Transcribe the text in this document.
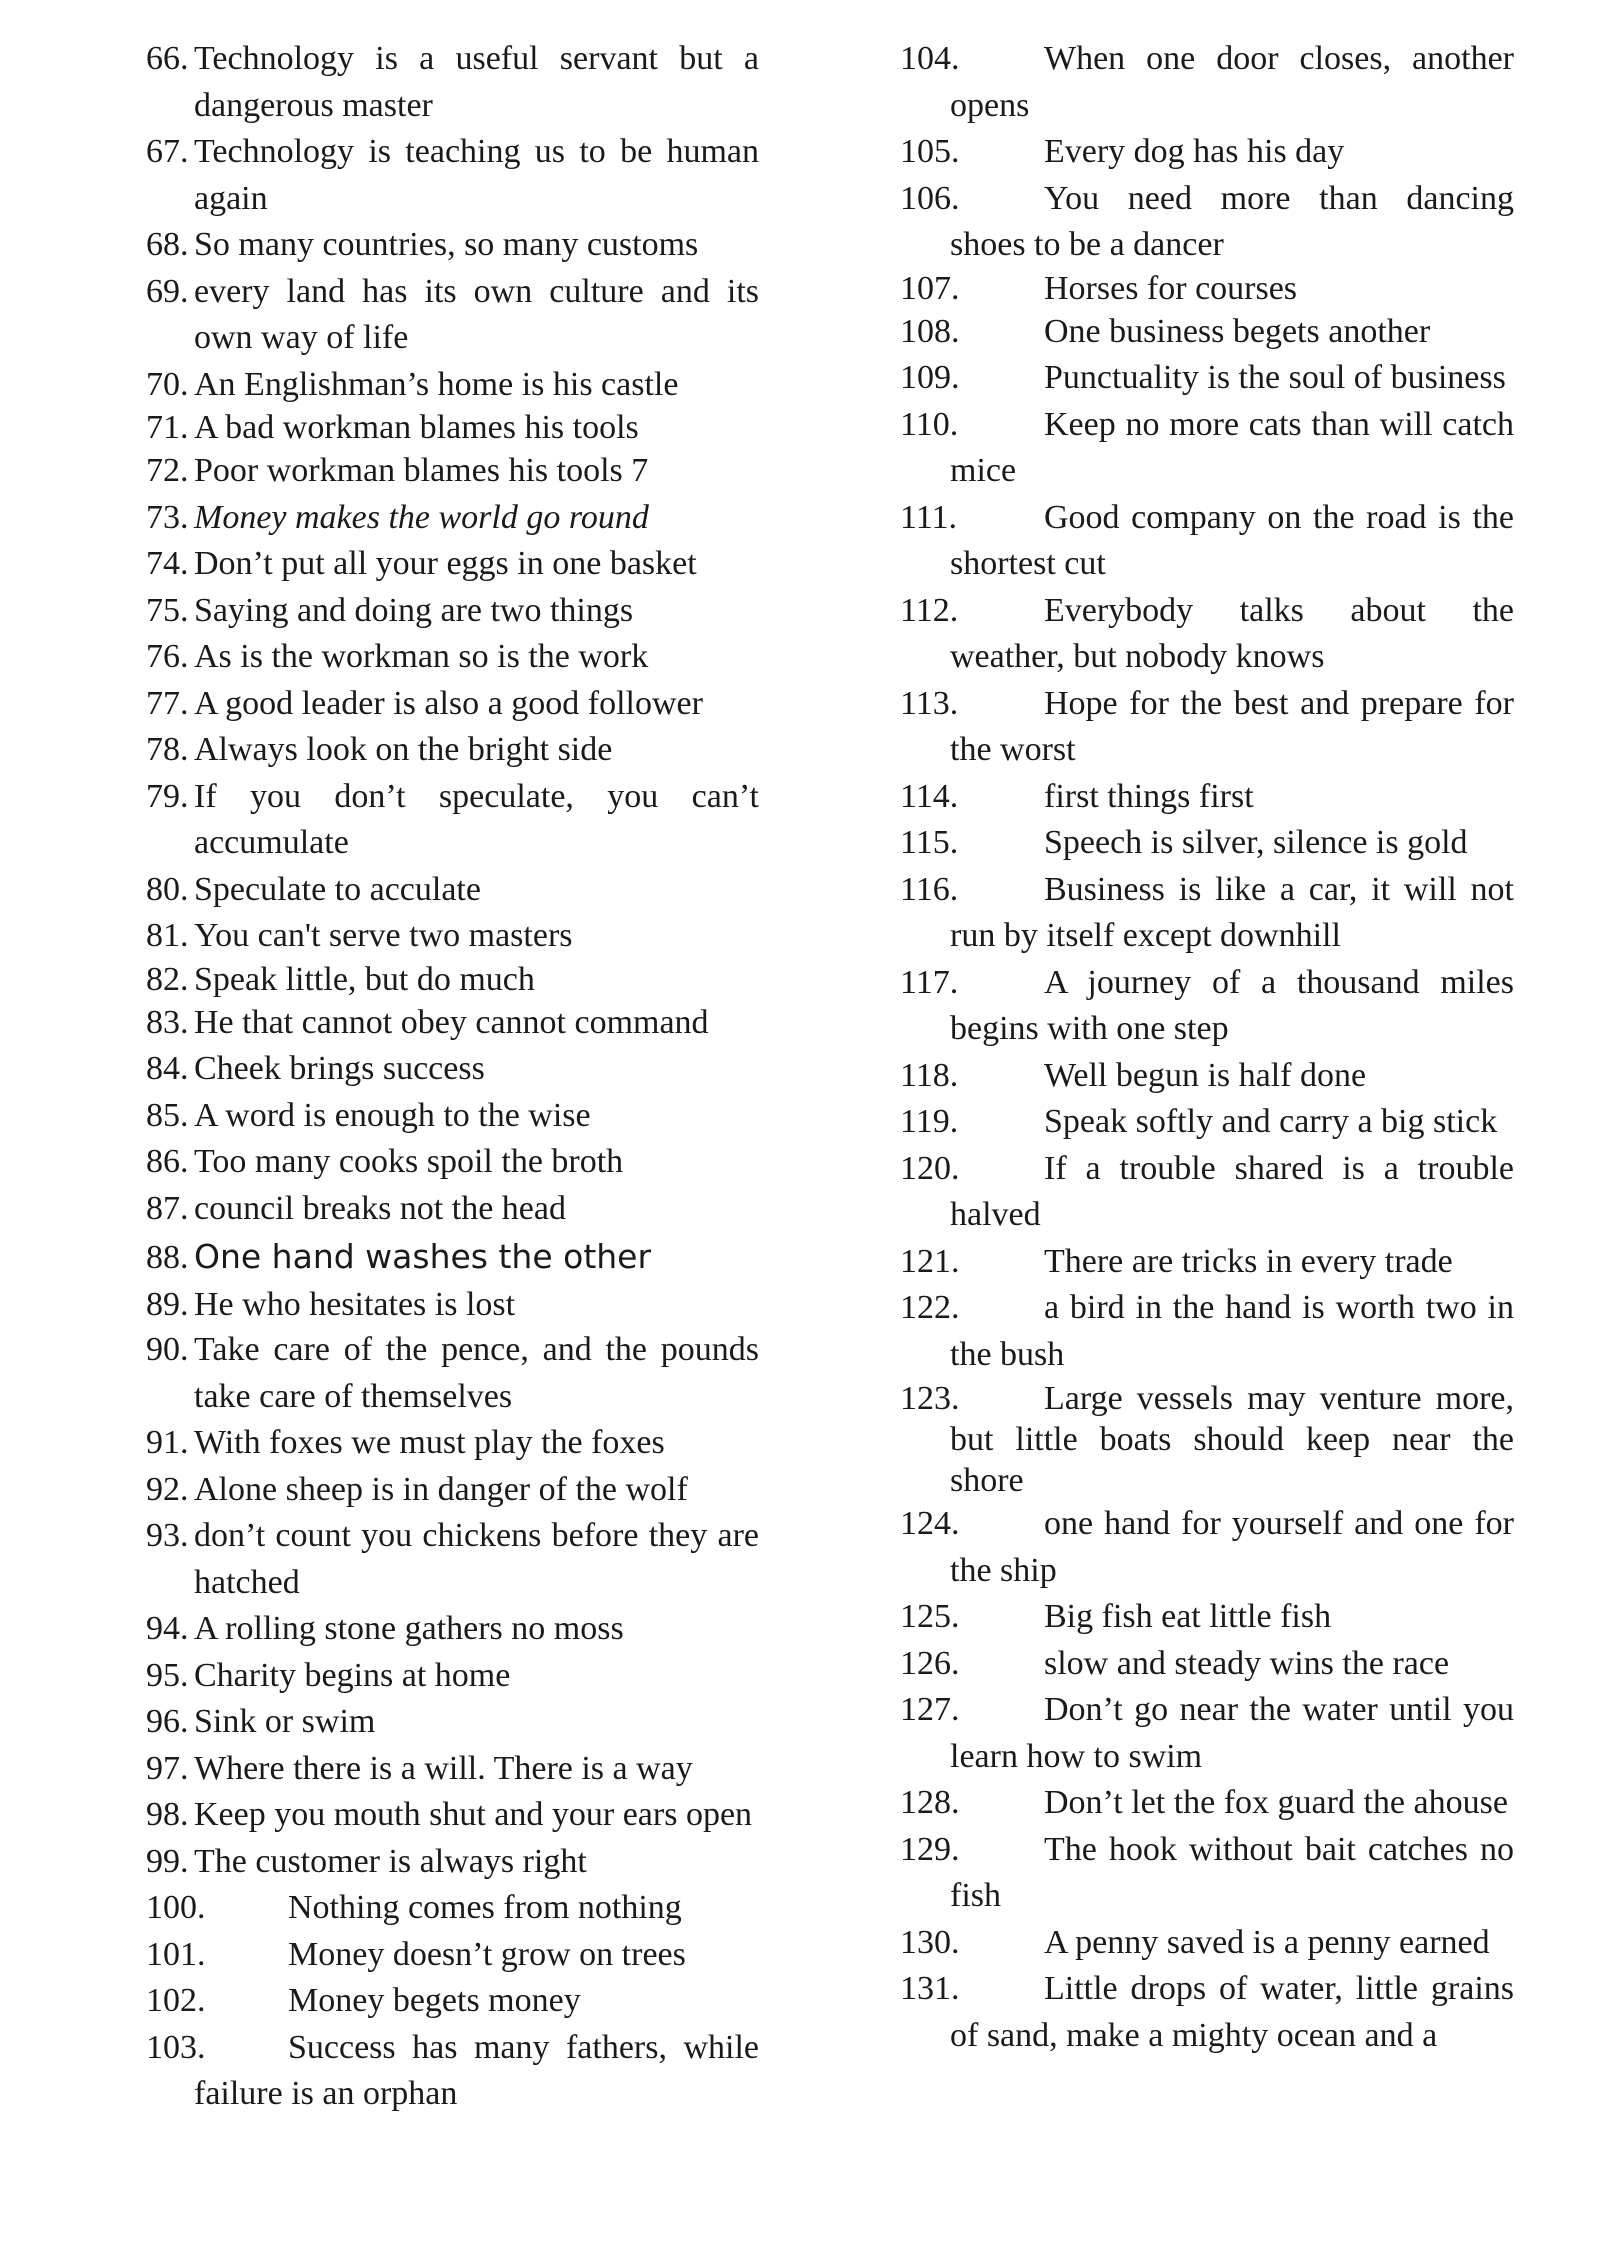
66. Technology is a useful servant but a dangerous master

67. Technology is teaching us to be human again

68. So many countries, so many customs

69. every land has its own culture and its own way of life

70. An Englishman’s home is his castle

71. A bad workman blames his tools

72. Poor workman blames his tools 7

73. Money makes the world go round

74. Don’t put all your eggs in one basket

75. Saying and doing are two things

76. As is the workman so is the work

77. A good leader is also a good follower

78. Always look on the bright side

79. If you don’t speculate, you can’t accumulate

80. Speculate to acculate

81. You can't serve two masters

82. Speak little, but do much

83. He that cannot obey cannot command

84. Cheek brings success

85. A word is enough to the wise

86. Too many cooks spoil the broth

87. council breaks not the head

88. One hand washes the other

89. He who hesitates is lost

90. Take care of the pence, and the pounds take care of themselves

91. With foxes we must play the foxes

92. Alone sheep is in danger of the wolf

93. don’t count you chickens before they are hatched

94. A rolling stone gathers no moss

95. Charity begins at home

96. Sink or swim

97. Where there is a will. There is a way

98. Keep you mouth shut and your ears open

99. The customer is always right

100. Nothing comes from nothing

101. Money doesn’t grow on trees

102. Money begets money

103. Success has many fathers, while failure is an orphan

104. When one door closes, another opens

105. Every dog has his day

106. You need more than dancing shoes to be a dancer

107. Horses for courses

108. One business begets another

109. Punctuality is the soul of business

110.	Keep no more cats than will catch mice

111.	Good company on the road is the shortest cut

112.	Everybody talks about the weather, but nobody knows

113.	Hope for the best and prepare for the worst

114.	first things first

115.	Speech is silver, silence is gold

116.	Business is like a car, it will not run by itself except downhill

117.	A journey of a thousand miles begins with one step

118.	Well begun is half done

119.	Speak softly and carry a big stick

120. If a trouble shared is a trouble halved

121. There are tricks in every trade

122. a bird in the hand is worth two in the bush

123. Large vessels may venture more, but little boats should keep near the shore

124. one hand for yourself and one for the ship

125. Big fish eat little fish

126. slow and steady wins the race

127. Don’t go near the water until you learn how to swim

128. Don’t let the fox guard the ahouse

129. The hook without bait catches no fish

130. A penny saved is a penny earned

131. Little drops of water, little grains of sand, make a mighty ocean and a
